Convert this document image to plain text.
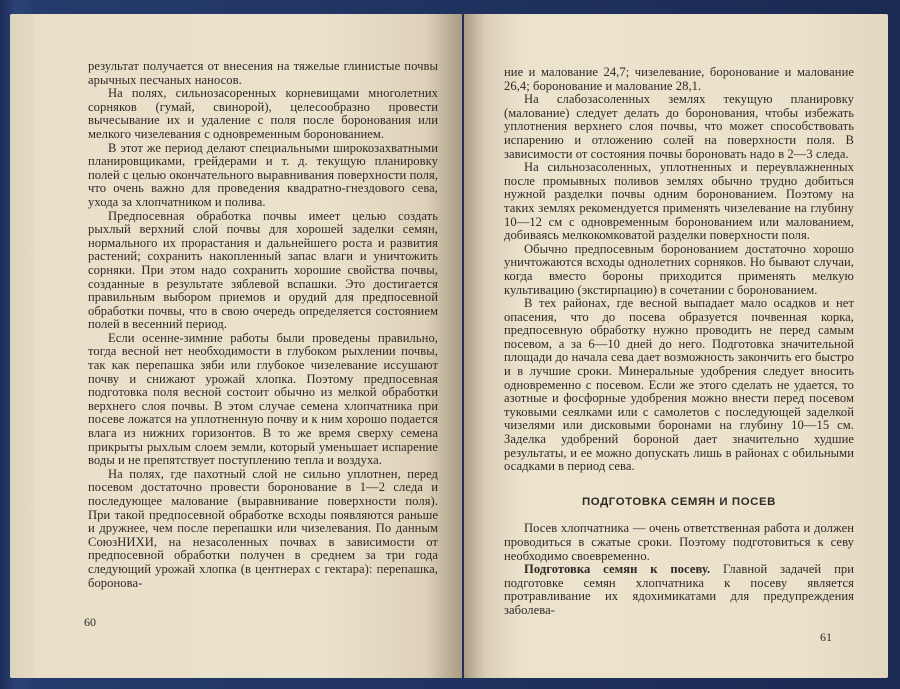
результат получается от внесения на тяжелые глинистые почвы арычных песчаных наносов.

На полях, сильнозасоренных корневищами многолетних сорняков (гумай, свинорой), целесообразно провести вычесывание их и удаление с поля после боронования или мелкого чизелевания с одновременным боронованием.

В этот же период делают специальными широкозахватными планировщиками, грейдерами и т. д. текущую планировку полей с целью окончательного выравнивания поверхности поля, что очень важно для проведения квадратно-гнездового сева, ухода за хлопчатником и полива.

Предпосевная обработка почвы имеет целью создать рыхлый верхний слой почвы для хорошей заделки семян, нормального их прорастания и дальнейшего роста и развития растений; сохранить накопленный запас влаги и уничтожить сорняки. При этом надо сохранить хорошие свойства почвы, созданные в результате зяблевой вспашки. Это достигается правильным выбором приемов и орудий для предпосевной обработки почвы, что в свою очередь определяется состоянием полей в весенний период.

Если осенне-зимние работы были проведены правильно, тогда весной нет необходимости в глубоком рыхлении почвы, так как перепашка зяби или глубокое чизелевание иссушают почву и снижают урожай хлопка. Поэтому предпосевная подготовка поля весной состоит обычно из мелкой обработки верхнего слоя почвы. В этом случае семена хлопчатника при посеве ложатся на уплотненную почву и к ним хорошо подается влага из нижних горизонтов. В то же время сверху семена прикрыты рыхлым слоем земли, который уменьшает испарение воды и не препятствует поступлению тепла и воздуха.

На полях, где пахотный слой не сильно уплотнен, перед посевом достаточно провести боронование в 1—2 следа и последующее малование (выравнивание поверхности поля). При такой предпосевной обработке всходы появляются раньше и дружнее, чем после перепашки или чизелевания. По данным СоюзНИХИ, на незасоленных почвах в зависимости от предпосевной обработки получен в среднем за три года следующий урожай хлопка (в центнерах с гектара): перепашка, боронова-

60

ние и малование 24,7; чизелевание, боронование и малование 26,4; боронование и малование 28,1.

На слабозасоленных землях текущую планировку (малование) следует делать до боронования, чтобы избежать уплотнения верхнего слоя почвы, что может способствовать испарению и отложению солей на поверхности поля. В зависимости от состояния почвы бороновать надо в 2—3 следа.

На сильнозасоленных, уплотненных и переувлажненных после промывных поливов землях обычно трудно добиться нужной разделки почвы одним боронованием. Поэтому на таких землях рекомендуется применять чизелевание на глубину 10—12 см с одновременным боронованием или малованием, добиваясь мелкокомковатой разделки поверхности поля.

Обычно предпосевным боронованием достаточно хорошо уничтожаются всходы однолетних сорняков. Но бывают случаи, когда вместо бороны приходится применять мелкую культивацию (экстирпацию) в сочетании с боронованием.

В тех районах, где весной выпадает мало осадков и нет опасения, что до посева образуется почвенная корка, предпосевную обработку нужно проводить не перед самым посевом, а за 6—10 дней до него. Подготовка значительной площади до начала сева дает возможность закончить его быстро и в лучшие сроки. Минеральные удобрения следует вносить одновременно с посевом. Если же этого сделать не удается, то азотные и фосфорные удобрения можно внести перед посевом туковыми сеялками или с самолетов с последующей заделкой чизелями или дисковыми боронами на глубину 10—15 см. Заделка удобрений бороной дает значительно худшие результаты, и ее можно допускать лишь в районах с обильными осадками в период сева.

ПОДГОТОВКА СЕМЯН И ПОСЕВ

Посев хлопчатника — очень ответственная работа и должен проводиться в сжатые сроки. Поэтому подготовиться к севу необходимо своевременно.

Подготовка семян к посеву. Главной задачей при подготовке семян хлопчатника к посеву является протравливание их ядохимикатами для предупреждения заболева-

61
